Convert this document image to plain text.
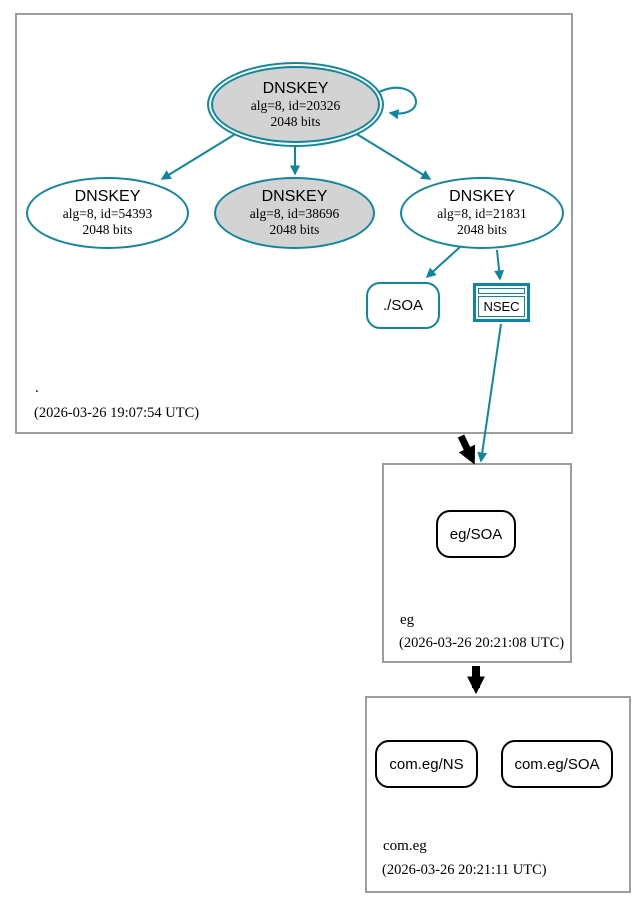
.
(2026-03-26 19:07:54 UTC)
eg
(2026-03-26 20:21:08 UTC)
com.eg
(2026-03-26 20:21:11 UTC)
DNSKEY
alg=8, id=20326
2048 bits
DNSKEY
alg=8, id=54393
2048 bits
DNSKEY
alg=8, id=38696
2048 bits
DNSKEY
alg=8, id=21831
2048 bits
./SOA	NSEC
eg/SOA
com.eg/NS	com.eg/SOA
